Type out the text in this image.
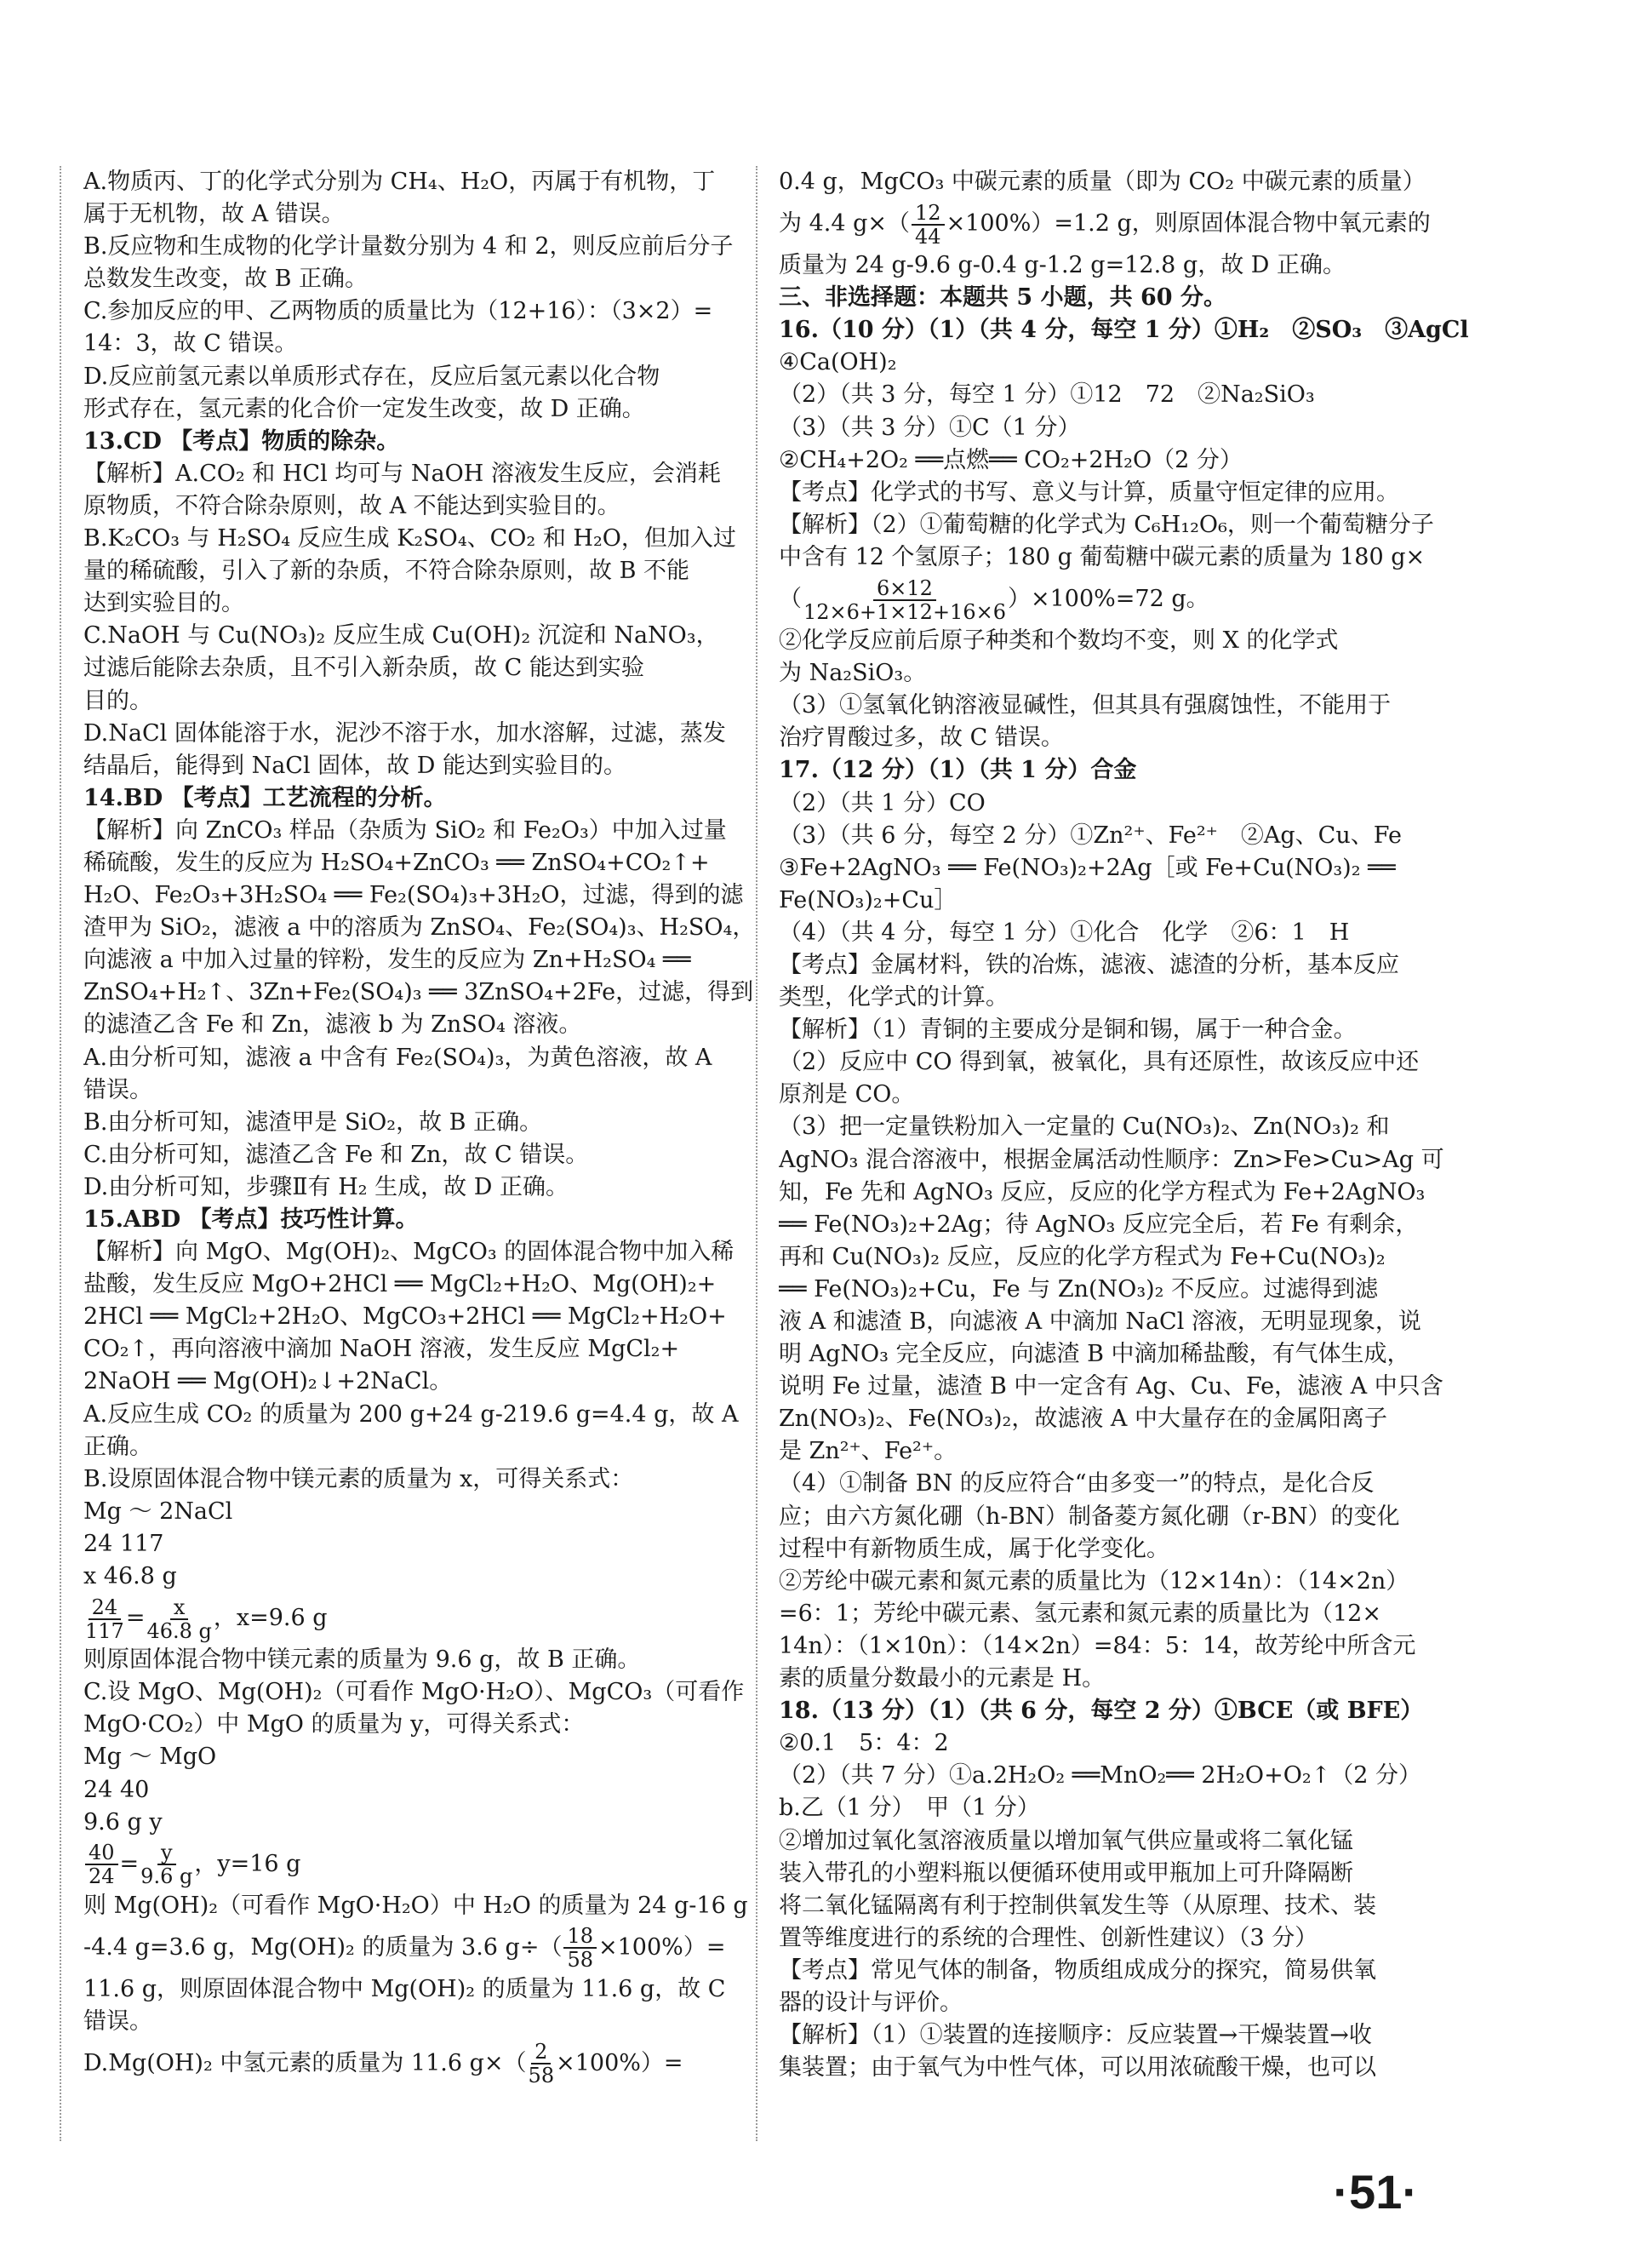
A.物质丙、丁的化学式分别为 CH₄、H₂O，丙属于有机物，丁
属于无机物，故 A 错误。
B.反应物和生成物的化学计量数分别为 4 和 2，则反应前后分子
总数发生改变，故 B 正确。
C.参加反应的甲、乙两物质的质量比为（12+16）：（3×2）=
14：3，故 C 错误。
D.反应前氢元素以单质形式存在，反应后氢元素以化合物
形式存在，氢元素的化合价一定发生改变，故 D 正确。
13.CD 【考点】物质的除杂。
【解析】A.CO₂ 和 HCl 均可与 NaOH 溶液发生反应，会消耗
原物质，不符合除杂原则，故 A 不能达到实验目的。
B.K₂CO₃ 与 H₂SO₄ 反应生成 K₂SO₄、CO₂ 和 H₂O，但加入过
量的稀硫酸，引入了新的杂质，不符合除杂原则，故 B 不能
达到实验目的。
C.NaOH 与 Cu(NO₃)₂ 反应生成 Cu(OH)₂ 沉淀和 NaNO₃，
过滤后能除去杂质，且不引入新杂质，故 C 能达到实验
目的。
D.NaCl 固体能溶于水，泥沙不溶于水，加水溶解，过滤，蒸发
结晶后，能得到 NaCl 固体，故 D 能达到实验目的。
14.BD 【考点】工艺流程的分析。
【解析】向 ZnCO₃ 样品（杂质为 SiO₂ 和 Fe₂O₃）中加入过量
稀硫酸，发生的反应为 H₂SO₄+ZnCO₃ ══ ZnSO₄+CO₂↑+
H₂O、Fe₂O₃+3H₂SO₄ ══ Fe₂(SO₄)₃+3H₂O，过滤，得到的滤
渣甲为 SiO₂，滤液 a 中的溶质为 ZnSO₄、Fe₂(SO₄)₃、H₂SO₄，
向滤液 a 中加入过量的锌粉，发生的反应为 Zn+H₂SO₄ ══
ZnSO₄+H₂↑、3Zn+Fe₂(SO₄)₃ ══ 3ZnSO₄+2Fe，过滤，得到
的滤渣乙含 Fe 和 Zn，滤液 b 为 ZnSO₄ 溶液。
A.由分析可知，滤液 a 中含有 Fe₂(SO₄)₃，为黄色溶液，故 A
错误。
B.由分析可知，滤渣甲是 SiO₂，故 B 正确。
C.由分析可知，滤渣乙含 Fe 和 Zn，故 C 错误。
D.由分析可知，步骤Ⅱ有 H₂ 生成，故 D 正确。
15.ABD 【考点】技巧性计算。
【解析】向 MgO、Mg(OH)₂、MgCO₃ 的固体混合物中加入稀
盐酸，发生反应 MgO+2HCl ══ MgCl₂+H₂O、Mg(OH)₂+
2HCl ══ MgCl₂+2H₂O、MgCO₃+2HCl ══ MgCl₂+H₂O+
CO₂↑，再向溶液中滴加 NaOH 溶液，发生反应 MgCl₂+
2NaOH ══ Mg(OH)₂↓+2NaCl。
A.反应生成 CO₂ 的质量为 200 g+24 g-219.6 g=4.4 g，故 A
正确。
B.设原固体混合物中镁元素的质量为 x，可得关系式：
Mg ～ 2NaCl
24 117
x 46.8 g
$\frac{24}{117} = \frac{x}{46.8 g}$ ，x=9.6 g
则原固体混合物中镁元素的质量为 9.6 g，故 B 正确。
C.设 MgO、Mg(OH)₂（可看作 MgO·H₂O）、MgCO₃（可看作
MgO·CO₂）中 MgO 的质量为 y，可得关系式：
Mg ～ MgO
24 40
9.6 g y
$\frac{40}{24} = \frac{y}{9.6 g}$ ，y=16 g
则 Mg(OH)₂（可看作 MgO·H₂O）中 H₂O 的质量为 24 g-16 g
-4.4 g=3.6 g，Mg(OH)₂ 的质量为 3.6 $g\div( \frac{18}{58} \times 100\%)=$
11.6 g，则原固体混合物中 Mg(OH)₂ 的质量为 11.6 g，故 C
错误。
D.Mg(OH)₂ 中氢元素的质量为 11.6 $g\times( \frac{2}{58} \times 100\%)=$
0.4 g，MgCO₃ 中碳元素的质量（即为 CO₂ 中碳元素的质量）
为 4.4 $g\times( \frac{12}{44} \times 100\%)=1.2$ g，则原固体混合物中氧元素的
质量为 24 g-9.6 g-0.4 g-1.2 g=12.8 g，故 D 正确。
三、非选择题：本题共 5 小题，共 60 分。
16.（10 分）（1）（共 4 分，每空 1 分）①H₂　②SO₃　③AgCl
④Ca(OH)₂
（2）（共 3 分，每空 1 分）①12　72　②Na₂SiO₃
（3）（共 3 分）①C（1 分）
②CH₄+2O₂ ══点燃══ CO₂+2H₂O（2 分）
【考点】化学式的书写、意义与计算，质量守恒定律的应用。
【解析】（2）①葡萄糖的化学式为 C₆H₁₂O₆，则一个葡萄糖分子
中含有 12 个氢原子；180 g 葡萄糖中碳元素的质量为 180 g×
（ $\frac{6\times 12}{12\times 6+1\times 12+16\times 6} )\times 100\%=72$ g。
②化学反应前后原子种类和个数均不变，则 X 的化学式
为 Na₂SiO₃。
（3）①氢氧化钠溶液显碱性，但其具有强腐蚀性，不能用于
治疗胃酸过多，故 C 错误。
17.（12 分）（1）（共 1 分）合金
（2）（共 1 分）CO
（3）（共 6 分，每空 2 分）①Zn²⁺、Fe²⁺　②Ag、Cu、Fe
③Fe+2AgNO₃ ══ Fe(NO₃)₂+2Ag［或 Fe+Cu(NO₃)₂ ══
Fe(NO₃)₂+Cu］
（4）（共 4 分，每空 1 分）①化合　化学　②6：1　H
【考点】金属材料，铁的冶炼，滤液、滤渣的分析，基本反应
类型，化学式的计算。
【解析】（1）青铜的主要成分是铜和锡，属于一种合金。
（2）反应中 CO 得到氧，被氧化，具有还原性，故该反应中还
原剂是 CO。
（3）把一定量铁粉加入一定量的 Cu(NO₃)₂、Zn(NO₃)₂ 和
AgNO₃ 混合溶液中，根据金属活动性顺序：Zn>Fe>Cu>Ag 可
知，Fe 先和 AgNO₃ 反应，反应的化学方程式为 Fe+2AgNO₃
══ Fe(NO₃)₂+2Ag；待 AgNO₃ 反应完全后，若 Fe 有剩余，
再和 Cu(NO₃)₂ 反应，反应的化学方程式为 Fe+Cu(NO₃)₂
══ Fe(NO₃)₂+Cu，Fe 与 Zn(NO₃)₂ 不反应。过滤得到滤
液 A 和滤渣 B，向滤液 A 中滴加 NaCl 溶液，无明显现象，说
明 AgNO₃ 完全反应，向滤渣 B 中滴加稀盐酸，有气体生成，
说明 Fe 过量，滤渣 B 中一定含有 Ag、Cu、Fe，滤液 A 中只含
Zn(NO₃)₂、Fe(NO₃)₂，故滤液 A 中大量存在的金属阳离子
是 Zn²⁺、Fe²⁺。
（4）①制备 BN 的反应符合“由多变一”的特点，是化合反
应；由六方氮化硼（h-BN）制备菱方氮化硼（r-BN）的变化
过程中有新物质生成，属于化学变化。
②芳纶中碳元素和氮元素的质量比为（12×14n）：（14×2n）
=6：1；芳纶中碳元素、氢元素和氮元素的质量比为（12×
14n）：（1×10n）：（14×2n）=84：5：14，故芳纶中所含元
素的质量分数最小的元素是 H。
18.（13 分）（1）（共 6 分，每空 2 分）①BCE（或 BFE）
②0.1　5：4：2
（2）（共 7 分）①a.2H₂O₂ ══MnO₂══ 2H₂O+O₂↑（2 分）
b.乙（1 分）　甲（1 分）
②增加过氧化氢溶液质量以增加氧气供应量或将二氧化锰
装入带孔的小塑料瓶以便循环使用或甲瓶加上可升降隔断
将二氧化锰隔离有利于控制供氧发生等（从原理、技术、装
置等维度进行的系统的合理性、创新性建议）（3 分）
【考点】常见气体的制备，物质组成成分的探究，简易供氧
器的设计与评价。
【解析】（1）①装置的连接顺序：反应装置→干燥装置→收
集装置；由于氧气为中性气体，可以用浓硫酸干燥，也可以
·51·
